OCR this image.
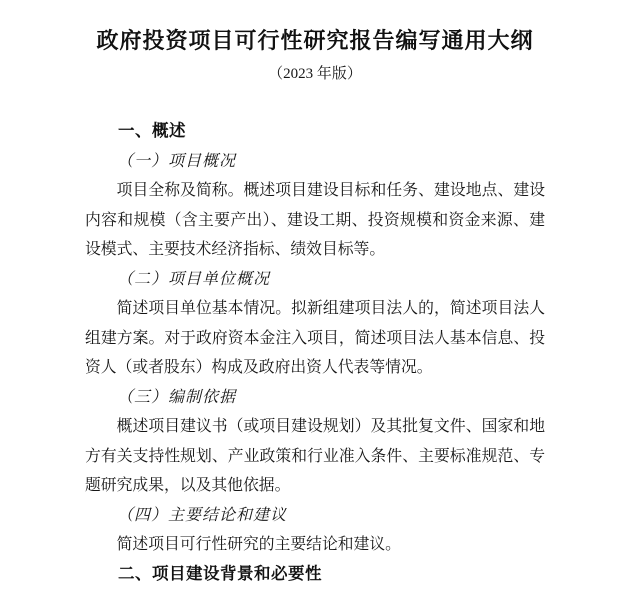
政府投资项目可行性研究报告编写通用大纲
（2023 年版）
一、概述
（一）项目概况

项目全称及简称。概述项目建设目标和任务、建设地点、建设内容和规模（含主要产出）、建设工期、投资规模和资金来源、建设模式、主要技术经济指标、绩效目标等。

（二）项目单位概况

简述项目单位基本情况。拟新组建项目法人的，简述项目法人组建方案。对于政府资本金注入项目，简述项目法人基本信息、投资人（或者股东）构成及政府出资人代表等情况。

（三）编制依据

概述项目建议书（或项目建设规划）及其批复文件、国家和地方有关支持性规划、产业政策和行业准入条件、主要标准规范、专题研究成果，以及其他依据。

（四）主要结论和建议

简述项目可行性研究的主要结论和建议。

二、项目建设背景和必要性
